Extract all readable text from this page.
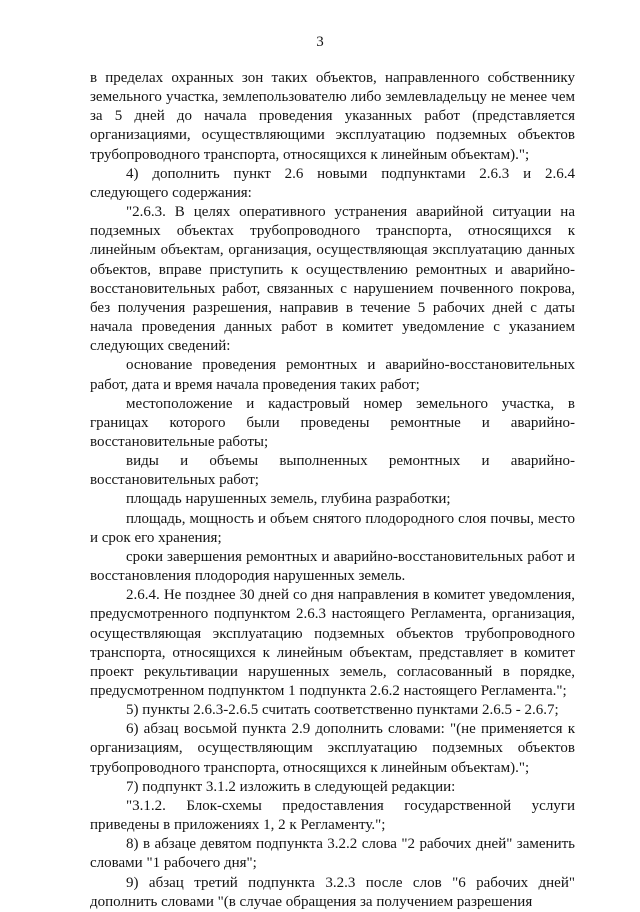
3

в пределах охранных зон таких объектов, направленного собственнику земельного участка, землепользователю либо землевладельцу не менее чем за 5 дней до начала проведения указанных работ (представляется организациями, осуществляющими эксплуатацию подземных объектов трубопроводного транспорта, относящихся к линейным объектам).";

4) дополнить пункт 2.6 новыми подпунктами 2.6.3 и 2.6.4 следующего содержания:

"2.6.3. В целях оперативного устранения аварийной ситуации на подземных объектах трубопроводного транспорта, относящихся к линейным объектам, организация, осуществляющая эксплуатацию данных объектов, вправе приступить к осуществлению ремонтных и аварийно-восстановительных работ, связанных с нарушением почвенного покрова, без получения разрешения, направив в течение 5 рабочих дней с даты начала проведения данных работ в комитет уведомление с указанием следующих сведений:

основание проведения ремонтных и аварийно-восстановительных работ, дата и время начала проведения таких работ;

местоположение и кадастровый номер земельного участка, в границах которого были проведены ремонтные и аварийно-восстановительные работы;

виды и объемы выполненных ремонтных и аварийно-восстановительных работ;

площадь нарушенных земель, глубина разработки;

площадь, мощность и объем снятого плодородного слоя почвы, место и срок его хранения;

сроки завершения ремонтных и аварийно-восстановительных работ и восстановления плодородия нарушенных земель.

2.6.4. Не позднее 30 дней со дня направления в комитет уведомления, предусмотренного подпунктом 2.6.3 настоящего Регламента, организация, осуществляющая эксплуатацию подземных объектов трубопроводного транспорта, относящихся к линейным объектам, представляет в комитет проект рекультивации нарушенных земель, согласованный в порядке, предусмотренном подпунктом 1 подпункта 2.6.2 настоящего Регламента.";

5) пункты 2.6.3-2.6.5 считать соответственно пунктами 2.6.5 - 2.6.7;

6) абзац восьмой пункта 2.9 дополнить словами: "(не применяется к организациям, осуществляющим эксплуатацию подземных объектов трубопроводного транспорта, относящихся к линейным объектам).";

7) подпункт 3.1.2 изложить в следующей редакции:

"3.1.2. Блок-схемы предоставления государственной услуги приведены в приложениях 1, 2 к Регламенту.";

8) в абзаце девятом подпункта 3.2.2 слова "2 рабочих дней" заменить словами "1 рабочего дня";

9) абзац третий подпункта 3.2.3 после слов "6 рабочих дней" дополнить словами "(в случае обращения за получением разрешения
